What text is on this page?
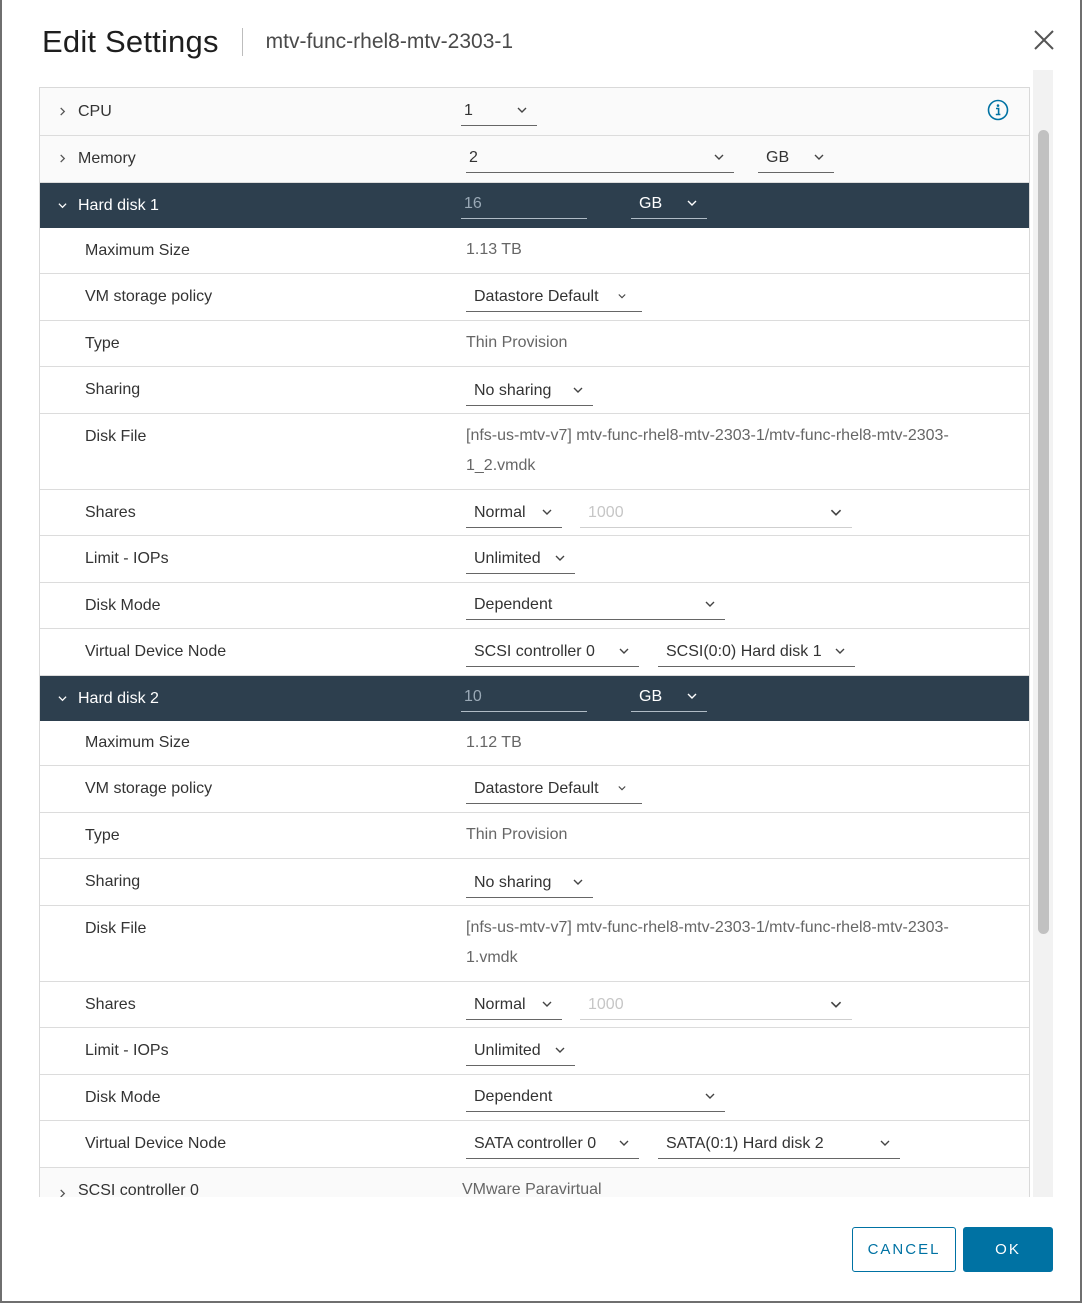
Edit Settings mtv-func-rhel8-mtv-2303-1
CPU	1
Memory	2	GB
Hard disk 1	16	GB
Maximum Size	1.13 TB
VM storage policy	Datastore Default
Type	Thin Provision
Sharing	No sharing
Disk File	[nfs-us-mtv-v7] mtv-func-rhel8-mtv-2303-1/mtv-func-rhel8-mtv-2303-
1_2.vmdk
Shares	Normal	1000
Limit - IOPs	Unlimited
Disk Mode	Dependent
Virtual Device Node	SCSI controller 0	SCSI(0:0) Hard disk 1
Hard disk 2	10	GB
Maximum Size	1.12 TB
VM storage policy	Datastore Default
Type	Thin Provision
Sharing	No sharing
Disk File	[nfs-us-mtv-v7] mtv-func-rhel8-mtv-2303-1/mtv-func-rhel8-mtv-2303-
1.vmdk
Shares	Normal	1000
Limit - IOPs	Unlimited
Disk Mode	Dependent
Virtual Device Node	SATA controller 0	SATA(0:1) Hard disk 2
SCSI controller 0	VMware Paravirtual
CANCEL	OK
